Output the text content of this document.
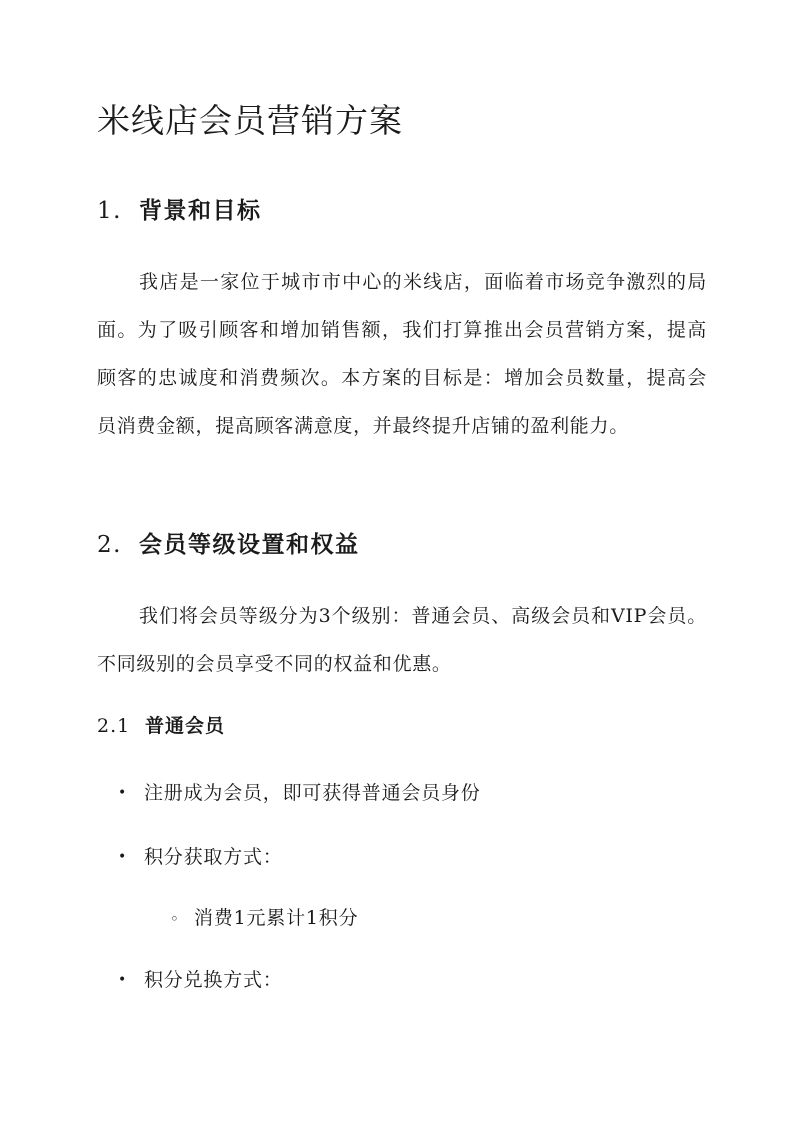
米线店会员营销方案
1. 背景和目标

我店是一家位于城市市中心的米线店，面临着市场竞争激烈的局面。为了吸引顾客和增加销售额，我们打算推出会员营销方案，提高顾客的忠诚度和消费频次。本方案的目标是：增加会员数量，提高会员消费金额，提高顾客满意度，并最终提升店铺的盈利能力。

2. 会员等级设置和权益

我们将会员等级分为3个级别：普通会员、高级会员和VIP会员。不同级别的会员享受不同的权益和优惠。

2.1 普通会员
• 注册成为会员，即可获得普通会员身份
• 积分获取方式：
◦ 消费1元累计1积分
• 积分兑换方式：
